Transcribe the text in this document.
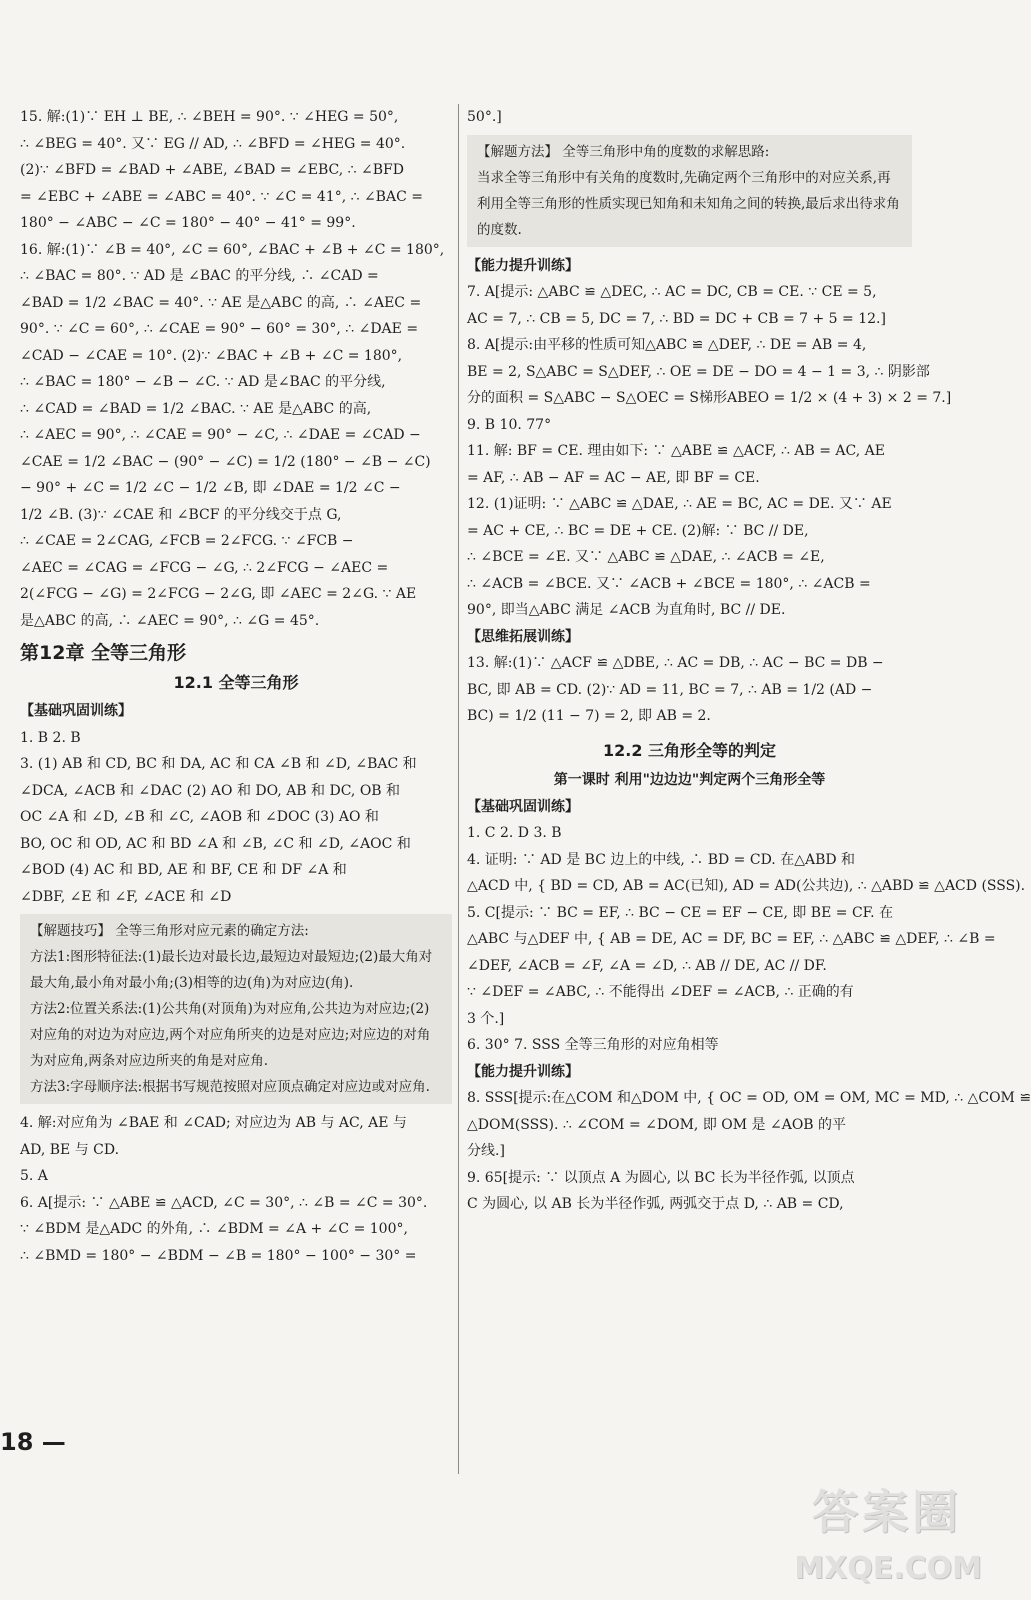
15. 解:(1)∵ EH ⊥ BE, ∴ ∠BEH = 90°. ∵ ∠HEG = 50°,
∴ ∠BEG = 40°. 又∵ EG // AD, ∴ ∠BFD = ∠HEG = 40°.
(2)∵ ∠BFD = ∠BAD + ∠ABE, ∠BAD = ∠EBC, ∴ ∠BFD
= ∠EBC + ∠ABE = ∠ABC = 40°. ∵ ∠C = 41°, ∴ ∠BAC =
180° − ∠ABC − ∠C = 180° − 40° − 41° = 99°.
16. 解:(1)∵ ∠B = 40°, ∠C = 60°, ∠BAC + ∠B + ∠C = 180°,
∴ ∠BAC = 80°. ∵ AD 是 ∠BAC 的平分线, ∴ ∠CAD =
∠BAD = 1/2 ∠BAC = 40°. ∵ AE 是△ABC 的高, ∴ ∠AEC =
90°. ∵ ∠C = 60°, ∴ ∠CAE = 90° − 60° = 30°, ∴ ∠DAE =
∠CAD − ∠CAE = 10°. (2)∵ ∠BAC + ∠B + ∠C = 180°,
∴ ∠BAC = 180° − ∠B − ∠C. ∵ AD 是∠BAC 的平分线,
∴ ∠CAD = ∠BAD = 1/2 ∠BAC. ∵ AE 是△ABC 的高,
∴ ∠AEC = 90°, ∴ ∠CAE = 90° − ∠C, ∴ ∠DAE = ∠CAD −
∠CAE = 1/2 ∠BAC − (90° − ∠C) = 1/2 (180° − ∠B − ∠C)
− 90° + ∠C = 1/2 ∠C − 1/2 ∠B, 即 ∠DAE = 1/2 ∠C −
1/2 ∠B. (3)∵ ∠CAE 和 ∠BCF 的平分线交于点 G,
∴ ∠CAE = 2∠CAG, ∠FCB = 2∠FCG. ∵ ∠FCB −
∠AEC = ∠CAG = ∠FCG − ∠G, ∴ 2∠FCG − ∠AEC =
2(∠FCG − ∠G) = 2∠FCG − 2∠G, 即 ∠AEC = 2∠G. ∵ AE
是△ABC 的高, ∴ ∠AEC = 90°, ∴ ∠G = 45°.
第12章 全等三角形
12.1 全等三角形
【基础巩固训练】
1. B 2. B
3. (1) AB 和 CD, BC 和 DA, AC 和 CA ∠B 和 ∠D, ∠BAC 和
∠DCA, ∠ACB 和 ∠DAC (2) AO 和 DO, AB 和 DC, OB 和
OC ∠A 和 ∠D, ∠B 和 ∠C, ∠AOB 和 ∠DOC (3) AO 和
BO, OC 和 OD, AC 和 BD ∠A 和 ∠B, ∠C 和 ∠D, ∠AOC 和
∠BOD (4) AC 和 BD, AE 和 BF, CE 和 DF ∠A 和
∠DBF, ∠E 和 ∠F, ∠ACE 和 ∠D
【解题技巧】 全等三角形对应元素的确定方法:
方法1:图形特征法:(1)最长边对最长边,最短边对最短边;(2)最大角对最大角,最小角对最小角;(3)相等的边(角)为对应边(角).
方法2:位置关系法:(1)公共角(对顶角)为对应角,公共边为对应边;(2)对应角的对边为对应边,两个对应角所夹的边是对应边;对应边的对角为对应角,两条对应边所夹的角是对应角.
方法3:字母顺序法:根据书写规范按照对应顶点确定对应边或对应角.
4. 解:对应角为 ∠BAE 和 ∠CAD; 对应边为 AB 与 AC, AE 与
AD, BE 与 CD.
5. A
6. A[提示: ∵ △ABE ≌ △ACD, ∠C = 30°, ∴ ∠B = ∠C = 30°.
∵ ∠BDM 是△ADC 的外角, ∴ ∠BDM = ∠A + ∠C = 100°,
∴ ∠BMD = 180° − ∠BDM − ∠B = 180° − 100° − 30° =
50°.]
【解题方法】 全等三角形中角的度数的求解思路:
当求全等三角形中有关角的度数时,先确定两个三角形中的对应关系,再利用全等三角形的性质实现已知角和未知角之间的转换,最后求出待求角的度数.
【能力提升训练】
7. A[提示: △ABC ≌ △DEC, ∴ AC = DC, CB = CE. ∵ CE = 5,
AC = 7, ∴ CB = 5, DC = 7, ∴ BD = DC + CB = 7 + 5 = 12.]
8. A[提示:由平移的性质可知△ABC ≌ △DEF, ∴ DE = AB = 4,
BE = 2, S△ABC = S△DEF, ∴ OE = DE − DO = 4 − 1 = 3, ∴ 阴影部
分的面积 = S△ABC − S△OEC = S梯形ABEO = 1/2 × (4 + 3) × 2 = 7.]
9. B 10. 77°
11. 解: BF = CE. 理由如下: ∵ △ABE ≌ △ACF, ∴ AB = AC, AE
= AF, ∴ AB − AF = AC − AE, 即 BF = CE.
12. (1)证明: ∵ △ABC ≌ △DAE, ∴ AE = BC, AC = DE. 又∵ AE
= AC + CE, ∴ BC = DE + CE. (2)解: ∵ BC // DE,
∴ ∠BCE = ∠E. 又∵ △ABC ≌ △DAE, ∴ ∠ACB = ∠E,
∴ ∠ACB = ∠BCE. 又∵ ∠ACB + ∠BCE = 180°, ∴ ∠ACB =
90°, 即当△ABC 满足 ∠ACB 为直角时, BC // DE.
【思维拓展训练】
13. 解:(1)∵ △ACF ≌ △DBE, ∴ AC = DB, ∴ AC − BC = DB −
BC, 即 AB = CD. (2)∵ AD = 11, BC = 7, ∴ AB = 1/2 (AD −
BC) = 1/2 (11 − 7) = 2, 即 AB = 2.
12.2 三角形全等的判定
第一课时 利用"边边边"判定两个三角形全等
【基础巩固训练】
1. C 2. D 3. B
4. 证明: ∵ AD 是 BC 边上的中线, ∴ BD = CD. 在△ABD 和
△ACD 中, { BD = CD, AB = AC(已知), AD = AD(公共边), ∴ △ABD ≌ △ACD (SSS).
5. C[提示: ∵ BC = EF, ∴ BC − CE = EF − CE, 即 BE = CF. 在
△ABC 与△DEF 中, { AB = DE, AC = DF, BC = EF, ∴ △ABC ≌ △DEF, ∴ ∠B =
∠DEF, ∠ACB = ∠F, ∠A = ∠D, ∴ AB // DE, AC // DF.
∵ ∠DEF = ∠ABC, ∴ 不能得出 ∠DEF = ∠ACB, ∴ 正确的有
3 个.]
6. 30° 7. SSS 全等三角形的对应角相等
【能力提升训练】
8. SSS[提示:在△COM 和△DOM 中, { OC = OD, OM = OM, MC = MD, ∴ △COM ≌
△DOM(SSS). ∴ ∠COM = ∠DOM, 即 OM 是 ∠AOB 的平
分线.]
9. 65[提示: ∵ 以顶点 A 为圆心, 以 BC 长为半径作弧, 以顶点
C 为圆心, 以 AB 长为半径作弧, 两弧交于点 D, ∴ AB = CD,
18 —
答案圈
MXQE.COM
